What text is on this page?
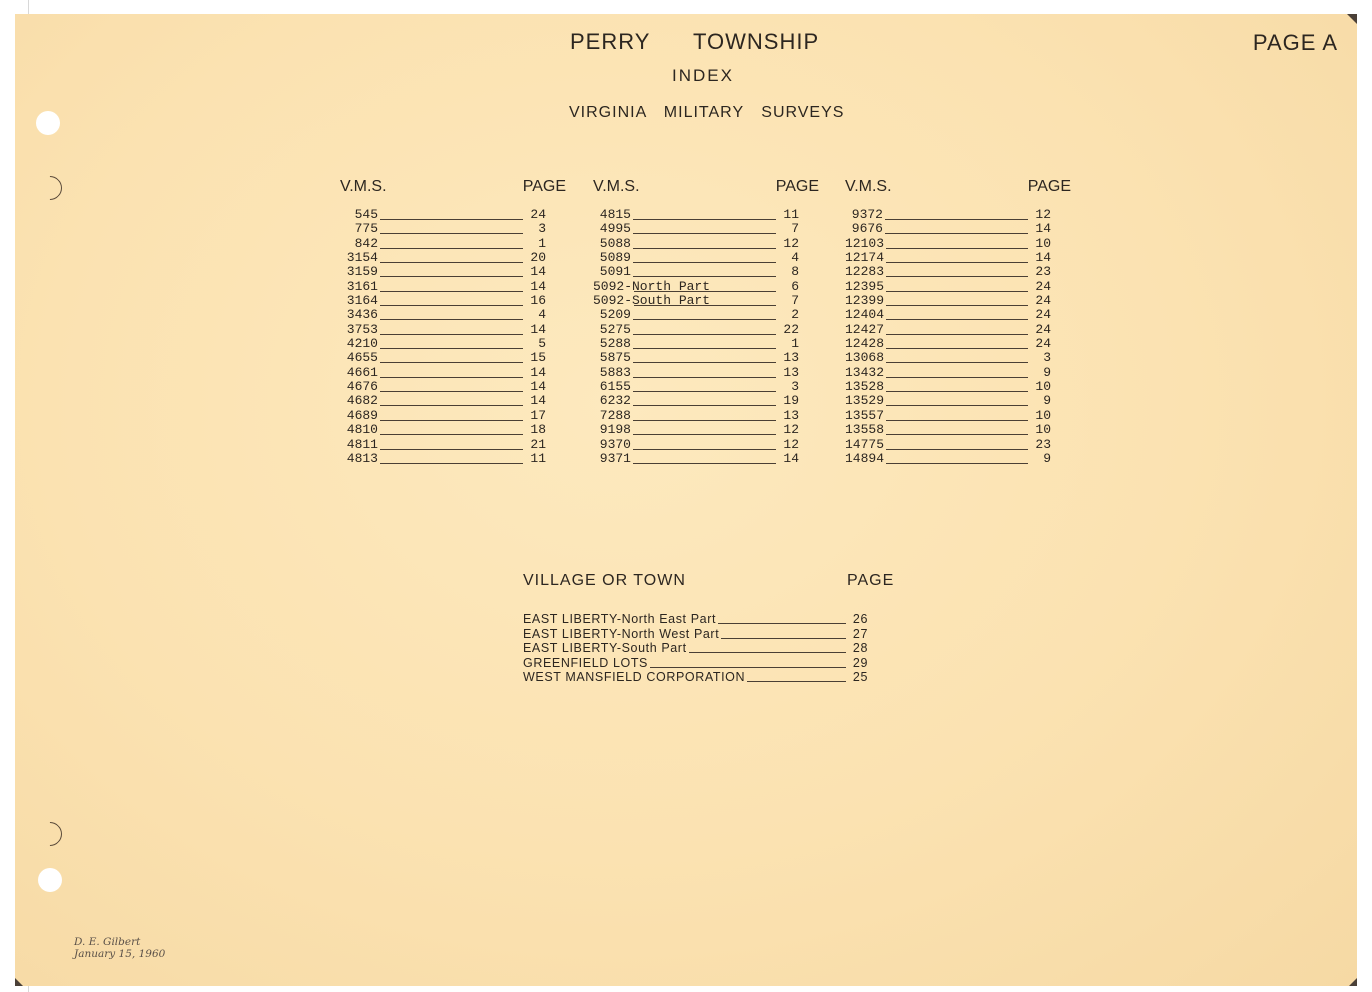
PERRY TOWNSHIP	PAGE A
INDEX
VIRGINIA MILITARY SURVEYS
V.M.S.	PAGE
545	24
775	3
842	1
3154	20
3159	14
3161	14
3164	16
3436	4
3753	14
4210	5
4655	15
4661	14
4676	14
4682	14
4689	17
4810	18
4811	21
4813	11
V.M.S.	PAGE
4815	11
4995	7
5088	12
5089	4
5091	8
5092-North Part	6
5092-South Part	7
5209	2
5275	22
5288	1
5875	13
5883	13
6155	3
6232	19
7288	13
9198	12
9370	12
9371	14
V.M.S.	PAGE
9372	12
9676	14
12103	10
12174	14
12283	23
12395	24
12399	24
12404	24
12427	24
12428	24
13068	3
13432	9
13528	10
13529	9
13557	10
13558	10
14775	23
14894	9
VILLAGE OR TOWN	PAGE
EAST LIBERTY-North East Part	26
EAST LIBERTY-North West Part	27
EAST LIBERTY-South Part	28
GREENFIELD LOTS	29
WEST MANSFIELD CORPORATION	25
D. E. Gilbert
January 15, 1960
